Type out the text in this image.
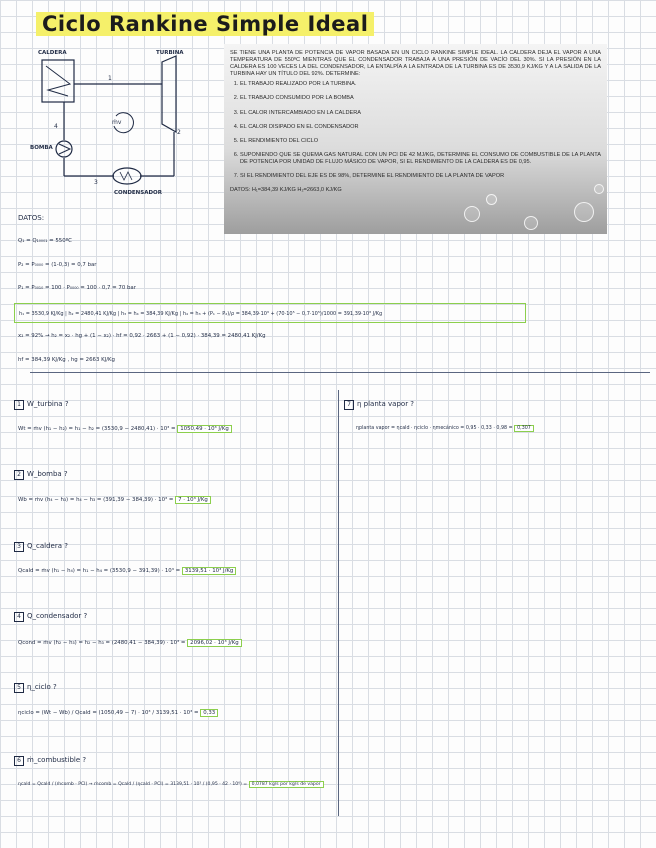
Ciclo Rankine Simple Ideal
1
2
3
4
ṁv
CALDERA	TURBINA
BOMBA
CONDENSADOR
SE TIENE UNA PLANTA DE POTENCIA DE VAPOR BASADA EN UN CICLO RANKINE SIMPLE IDEAL. LA CALDERA DEJA EL VAPOR A UNA TEMPERATURA DE 550ºC MIENTRAS QUE EL CONDENSADOR TRABAJA A UNA PRESIÓN DE VACÍO DEL 30%. SI LA PRESIÓN EN LA CALDERA ES 100 VECES LA DEL CONDENSADOR, LA ENTALPÍA A LA ENTRADA DE LA TURBINA ES DE 3530,9 KJ/KG Y A LA SALIDA DE LA TURBINA HAY UN TÍTULO DEL 92%. DETERMINE:
1. EL TRABAJO REALIZADO POR LA TURBINA.
2. EL TRABAJO CONSUMIDO POR LA BOMBA
3. EL CALOR INTERCAMBIADO EN LA CALDERA
4. EL CALOR DISIPADO EN EL CONDENSADOR
5. EL RENDIMIENTO DEL CICLO
6. SUPONIENDO QUE SE QUEMA GAS NATURAL CON UN PCI DE 42 MJ/KG, DETERMINE EL CONSUMO DE COMBUSTIBLE DE LA PLANTA DE POTENCIA POR UNIDAD DE FLUJO MÁSICO DE VAPOR, SI EL RENDIMIENTO DE LA CALDERA ES DE 0,95.
7. SI EL RENDIMIENTO DEL EJE ES DE 98%, DETERMINE EL RENDIMIENTO DE LA PLANTA DE VAPOR
DATOS: H₁=384,39 KJ/KG H₂=2663,0 KJ/KG
DATOS:
Q₁ = Q₁₀₀₀₁ = 550ºC
P₂ = P₀₀₀₀ = (1-0,3) = 0,7 bar
P₁ = P₀₀₁₀ = 100 · P₀₀₀₀ = 100 · 0,7 = 70 bar
h₁ = 3530,9 KJ/Kg | h₂ = 2480,41 KJ/Kg | h₃ = h₄ = 384,39 KJ/Kg | h₄ = h₃ + (P₁ − P₂)/ρ = 384,39·10³ + (70·10⁵ − 0,7·10⁵)/1000 = 391,39·10³ J/Kg
x₂ = 92% → h₂ = x₂ · hg + (1 − x₂) · hf = 0,92 · 2663 + (1 − 0,92) · 384,39 = 2480,41 KJ/Kg
hf = 384,39 KJ/Kg , hg = 2663 KJ/Kg
1 W_turbina ?
Wt = ṁv (h₁ − h₂) = h₁ − h₂ = (3530,9 − 2480,41) · 10³ = 1050,49 · 10³ J/Kg
2 W_bomba ?
Wb = ṁv (h₄ − h₃) = h₄ − h₃ = (391,39 − 384,39) · 10³ = 7 · 10³ J/Kg
3 Q_caldera ?
Qcald = ṁv (h₁ − h₄) = h₁ − h₄ = (3530,9 − 391,39) · 10³ = 3139,51 · 10³ J/Kg
4 Q_condensador ?
Qcond = ṁv (h₂ − h₃) = h₂ − h₃ = (2480,41 − 384,39) · 10³ = 2096,02 · 10³ J/Kg
5 η_ciclo ?
ηciclo = (Wt − Wb) / Qcald = (1050,49 − 7) · 10³ / 3139,51 · 10³ = 0,33
6 ṁ_combustible ?
ηcald = Qcald / (ṁcomb · PCI) → ṁcomb = Qcald / (ηcald · PCI) = 3139,51 · 10³ / (0,95 · 42 · 10⁶) = 0,0787 kg/s por kg/s de vapor
7 η planta vapor ?
ηplanta vapor = ηcald · ηciclo · ηmecánico = 0,95 · 0,33 · 0,98 = 0,307
